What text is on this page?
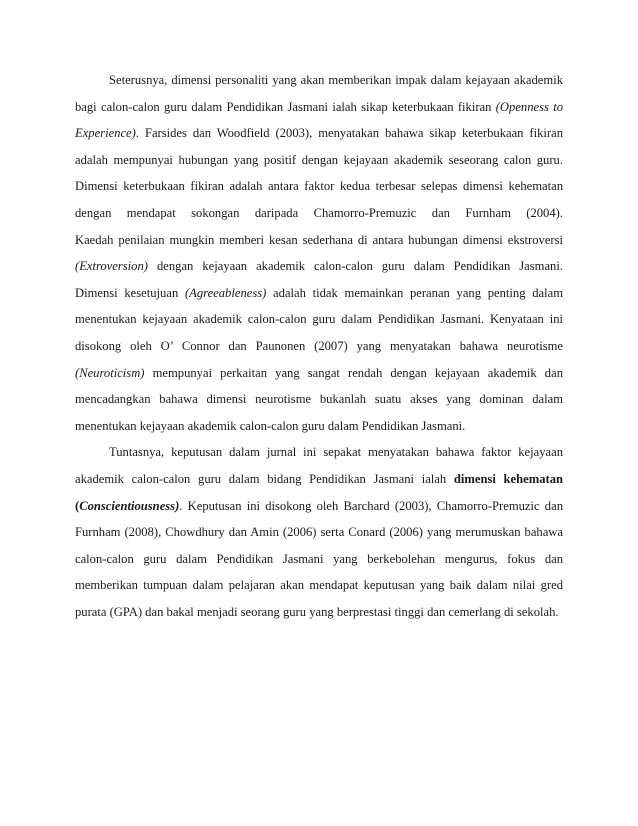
Seterusnya, dimensi personaliti yang akan memberikan impak dalam kejayaan akademik
bagi calon-calon guru dalam Pendidikan Jasmani ialah sikap keterbukaan fikiran (Openness to
Experience). Farsides dan Woodfield (2003), menyatakan bahawa sikap keterbukaan fikiran
adalah mempunyai hubungan yang positif dengan kejayaan akademik seseorang calon guru.
Dimensi keterbukaan fikiran adalah antara faktor kedua terbesar selepas dimensi kehematan
dengan mendapat sokongan daripada Chamorro-Premuzic dan Furnham (2004).
Kaedah penilaian mungkin memberi kesan sederhana di antara hubungan dimensi ekstroversi
(Extroversion) dengan kejayaan akademik calon-calon guru dalam Pendidikan Jasmani.
Dimensi kesetujuan (Agreeableness) adalah tidak memainkan peranan yang penting dalam
menentukan kejayaan akademik calon-calon guru dalam Pendidikan Jasmani. Kenyataan ini
disokong oleh O’ Connor dan Paunonen (2007) yang menyatakan bahawa neurotisme
(Neuroticism) mempunyai perkaitan yang sangat rendah dengan kejayaan akademik dan
mencadangkan bahawa dimensi neurotisme bukanlah suatu akses yang dominan dalam
menentukan kejayaan akademik calon-calon guru dalam Pendidikan Jasmani.
Tuntasnya, keputusan dalam jurnal ini sepakat menyatakan bahawa faktor kejayaan
akademik calon-calon guru dalam bidang Pendidikan Jasmani ialah dimensi kehematan
(Conscientiousness). Keputusan ini disokong oleh Barchard (2003), Chamorro-Premuzic dan
Furnham (2008), Chowdhury dan Amin (2006) serta Conard (2006) yang merumuskan bahawa
calon-calon guru dalam Pendidikan Jasmani yang berkebolehan mengurus, fokus dan
memberikan tumpuan dalam pelajaran akan mendapat keputusan yang baik dalam nilai gred
purata (GPA) dan bakal menjadi seorang guru yang berprestasi tinggi dan cemerlang di sekolah.
